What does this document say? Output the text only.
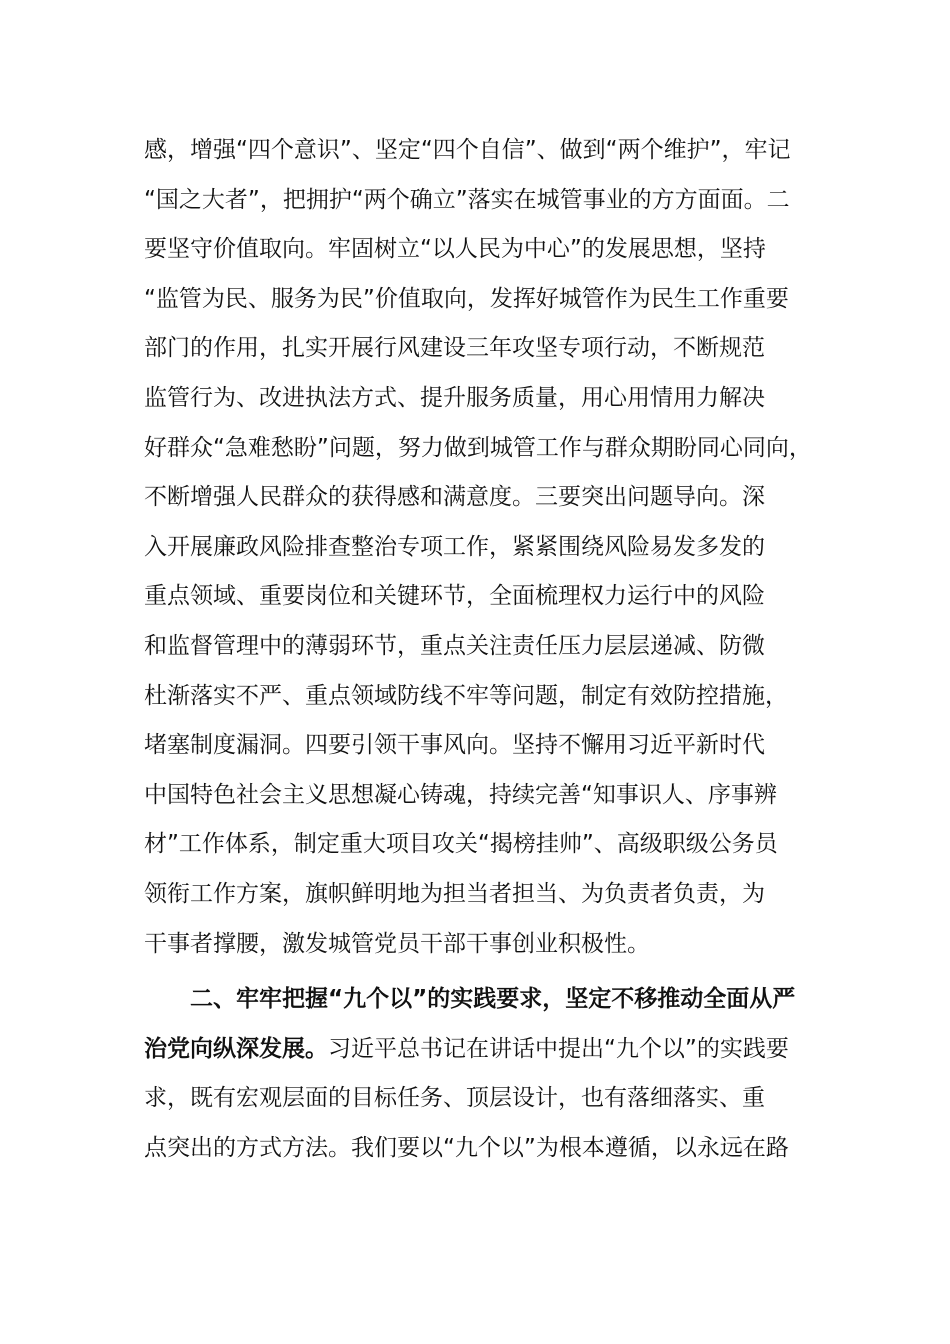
感，增强“四个意识”、坚定“四个自信”、做到“两个维护”，牢记
“国之大者”，把拥护“两个确立”落实在城管事业的方方面面。二
要坚守价值取向。牢固树立“以人民为中心”的发展思想，坚持
“监管为民、服务为民”价值取向，发挥好城管作为民生工作重要
部门的作用，扎实开展行风建设三年攻坚专项行动，不断规范
监管行为、改进执法方式、提升服务质量，用心用情用力解决
好群众“急难愁盼”问题，努力做到城管工作与群众期盼同心同向，
不断增强人民群众的获得感和满意度。三要突出问题导向。深
入开展廉政风险排查整治专项工作，紧紧围绕风险易发多发的
重点领域、重要岗位和关键环节，全面梳理权力运行中的风险
和监督管理中的薄弱环节，重点关注责任压力层层递减、防微
杜渐落实不严、重点领域防线不牢等问题，制定有效防控措施，
堵塞制度漏洞。四要引领干事风向。坚持不懈用习近平新时代
中国特色社会主义思想凝心铸魂，持续完善“知事识人、序事辨
材”工作体系，制定重大项目攻关“揭榜挂帅”、高级职级公务员
领衔工作方案，旗帜鲜明地为担当者担当、为负责者负责，为
干事者撑腰，激发城管党员干部干事创业积极性。
二、牢牢把握“九个以”的实践要求，坚定不移推动全面从严
治党向纵深发展。习近平总书记在讲话中提出“九个以”的实践要
求，既有宏观层面的目标任务、顶层设计，也有落细落实、重
点突出的方式方法。我们要以“九个以”为根本遵循，以永远在路
